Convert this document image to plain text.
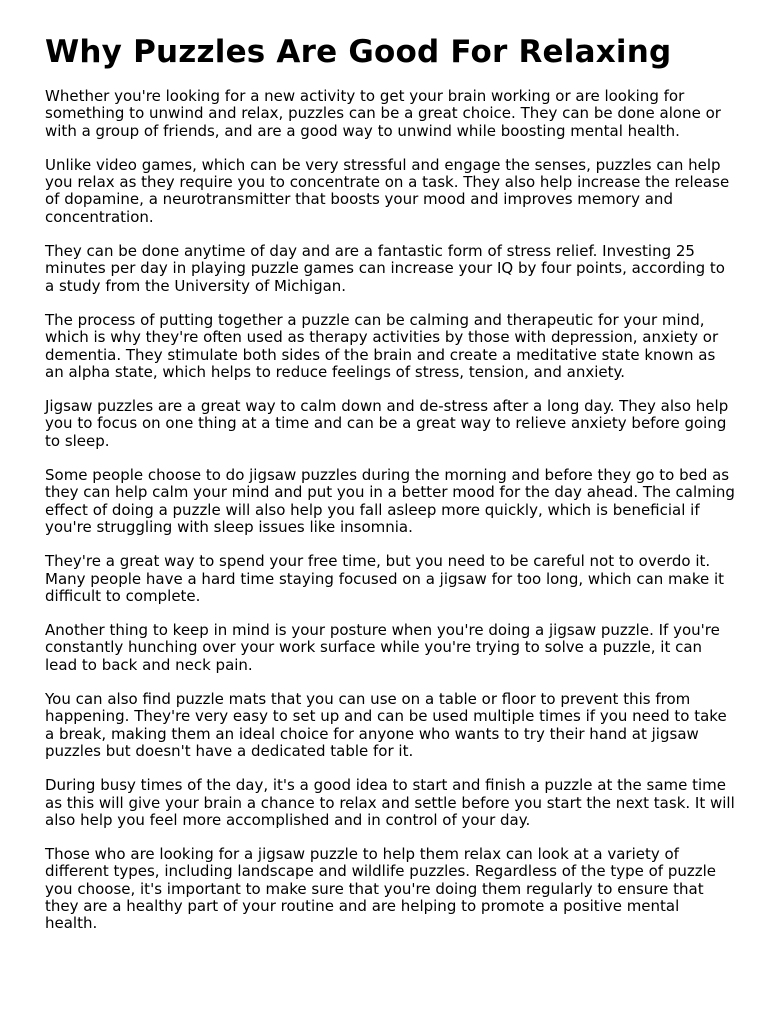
Why Puzzles Are Good For Relaxing

Whether you're looking for a new activity to get your brain working or are looking for something to unwind and relax, puzzles can be a great choice. They can be done alone or with a group of friends, and are a good way to unwind while boosting mental health.

Unlike video games, which can be very stressful and engage the senses, puzzles can help you relax as they require you to concentrate on a task. They also help increase the release of dopamine, a neurotransmitter that boosts your mood and improves memory and concentration.

They can be done anytime of day and are a fantastic form of stress relief. Investing 25 minutes per day in playing puzzle games can increase your IQ by four points, according to a study from the University of Michigan.

The process of putting together a puzzle can be calming and therapeutic for your mind, which is why they're often used as therapy activities by those with depression, anxiety or dementia. They stimulate both sides of the brain and create a meditative state known as an alpha state, which helps to reduce feelings of stress, tension, and anxiety.

Jigsaw puzzles are a great way to calm down and de-stress after a long day. They also help you to focus on one thing at a time and can be a great way to relieve anxiety before going to sleep.

Some people choose to do jigsaw puzzles during the morning and before they go to bed as they can help calm your mind and put you in a better mood for the day ahead. The calming effect of doing a puzzle will also help you fall asleep more quickly, which is beneficial if you're struggling with sleep issues like insomnia.

They're a great way to spend your free time, but you need to be careful not to overdo it. Many people have a hard time staying focused on a jigsaw for too long, which can make it difficult to complete.

Another thing to keep in mind is your posture when you're doing a jigsaw puzzle. If you're constantly hunching over your work surface while you're trying to solve a puzzle, it can lead to back and neck pain.

You can also find puzzle mats that you can use on a table or floor to prevent this from happening. They're very easy to set up and can be used multiple times if you need to take a break, making them an ideal choice for anyone who wants to try their hand at jigsaw puzzles but doesn't have a dedicated table for it.

During busy times of the day, it's a good idea to start and finish a puzzle at the same time as this will give your brain a chance to relax and settle before you start the next task. It will also help you feel more accomplished and in control of your day.

Those who are looking for a jigsaw puzzle to help them relax can look at a variety of different types, including landscape and wildlife puzzles. Regardless of the type of puzzle you choose, it's important to make sure that you're doing them regularly to ensure that they are a healthy part of your routine and are helping to promote a positive mental health.
